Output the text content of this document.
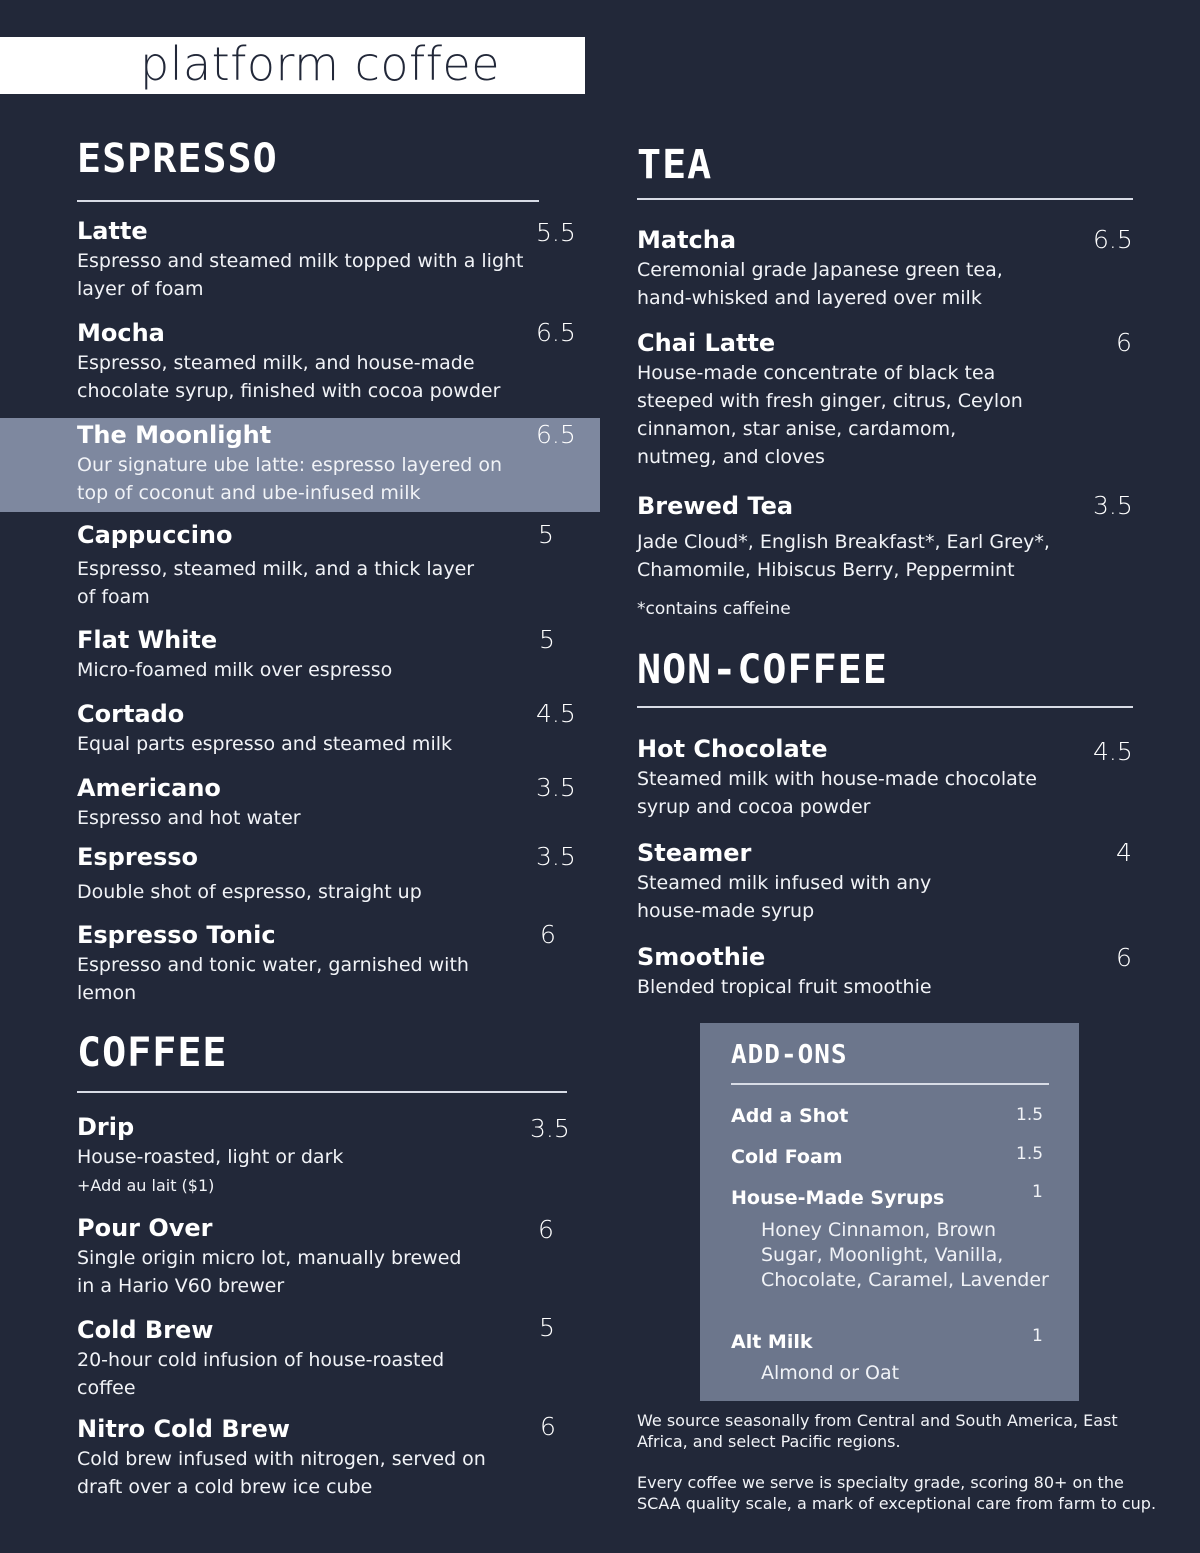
platform coffee
ESPRESSO
Latte
Espresso and steamed milk topped with a light layer of foam
5.5
Mocha
Espresso, steamed milk, and house-made chocolate syrup, finished with cocoa powder
6.5
The Moonlight
Our signature ube latte: espresso layered on top of coconut and ube-infused milk
6.5
Cappuccino
Espresso, steamed milk, and a thick layer of foam
5
Flat White
Micro-foamed milk over espresso
5
Cortado
Equal parts espresso and steamed milk
4.5
Americano
Espresso and hot water
3.5
Espresso
Double shot of espresso, straight up
3.5
Espresso Tonic
Espresso and tonic water, garnished with lemon
6
COFFEE
Drip
House-roasted, light or dark
+Add au lait ($1)
3.5
Pour Over
Single origin micro lot, manually brewed in a Hario V60 brewer
6
Cold Brew
20-hour cold infusion of house-roasted coffee
5
Nitro Cold Brew
Cold brew infused with nitrogen, served on draft over a cold brew ice cube
6
TEA
Matcha
Ceremonial grade Japanese green tea, hand-whisked and layered over milk
6.5
Chai Latte
House-made concentrate of black tea steeped with fresh ginger, citrus, Ceylon cinnamon, star anise, cardamom, nutmeg, and cloves
6
Brewed Tea
Jade Cloud*, English Breakfast*, Earl Grey*, Chamomile, Hibiscus Berry, Peppermint
3.5
*contains caffeine
NON-COFFEE
Hot Chocolate
Steamed milk with house-made chocolate syrup and cocoa powder
4.5
Steamer
Steamed milk infused with any house-made syrup
4
Smoothie
Blended tropical fruit smoothie
6
ADD-ONS
Add a Shot	1.5
Cold Foam	1.5
House-Made Syrups	1
Honey Cinnamon, Brown Sugar, Moonlight, Vanilla, Chocolate, Caramel, Lavender
Alt Milk	1
Almond or Oat
We source seasonally from Central and South America, East Africa, and select Pacific regions.
Every coffee we serve is specialty grade, scoring 80+ on the SCAA quality scale, a mark of exceptional care from farm to cup.
